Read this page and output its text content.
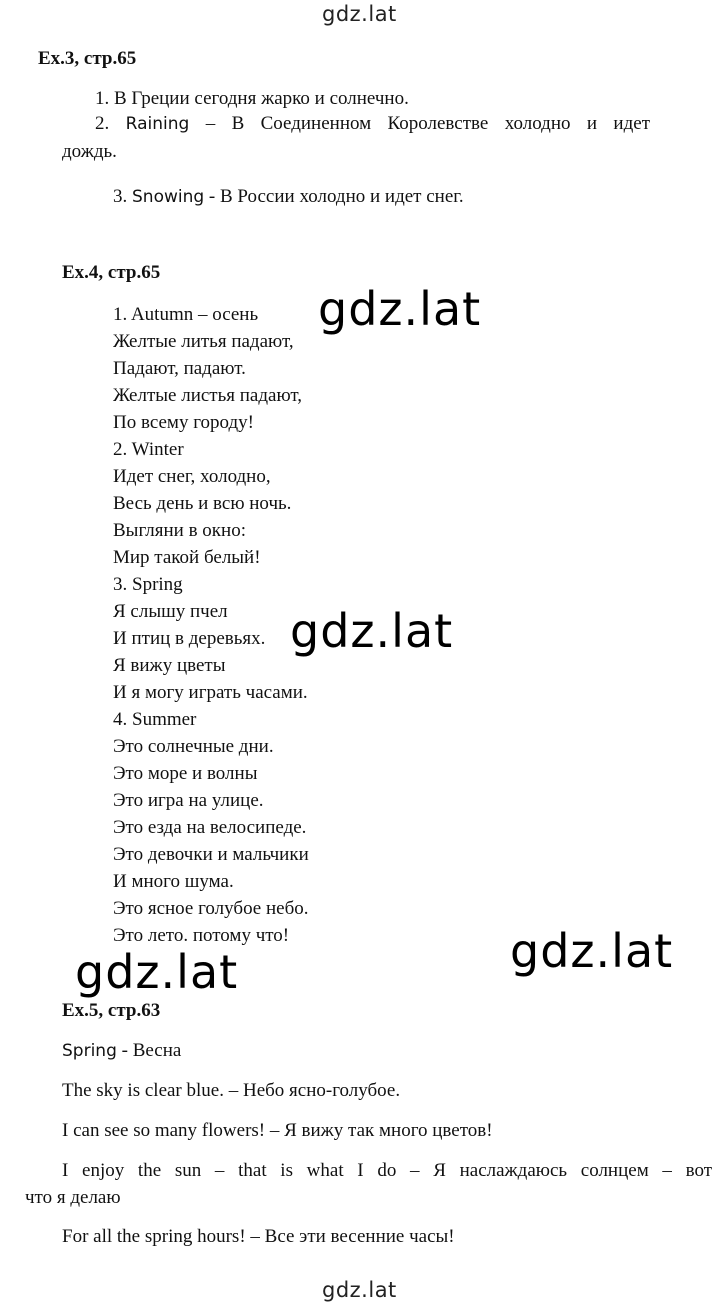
gdz.lat
Ex.3, стр.65
1. В Греции сегодня жарко и солнечно.
2. Raining – В Соединенном Королевстве холодно и идет
дождь.
3. Snowing - В России холодно и идет снег.
Ex.4, стр.65
1. Autumn – осень
Желтые литья падают,
Падают, падают.
Желтые листья падают,
По всему городу!
2. Winter
Идет снег, холодно,
Весь день и всю ночь.
Выгляни в окно:
Мир такой белый!
3. Spring
Я слышу пчел
И птиц в деревьях.
Я вижу цветы
И я могу играть часами.
4. Summer
Это солнечные дни.
Это море и волны
Это игра на улице.
Это езда на велосипеде.
Это девочки и мальчики
И много шума.
Это ясное голубое небо.
Это лето. потому что!
gdz.lat
gdz.lat
gdz.lat
gdz.lat
Ex.5, стр.63
Spring - Весна
The sky is clear blue. – Небо ясно-голубое.
I can see so many flowers! – Я вижу так много цветов!
I enjoy the sun – that is what I do – Я наслаждаюсь солнцем – вот
что я делаю
For all the spring hours! – Все эти весенние часы!
gdz.lat
